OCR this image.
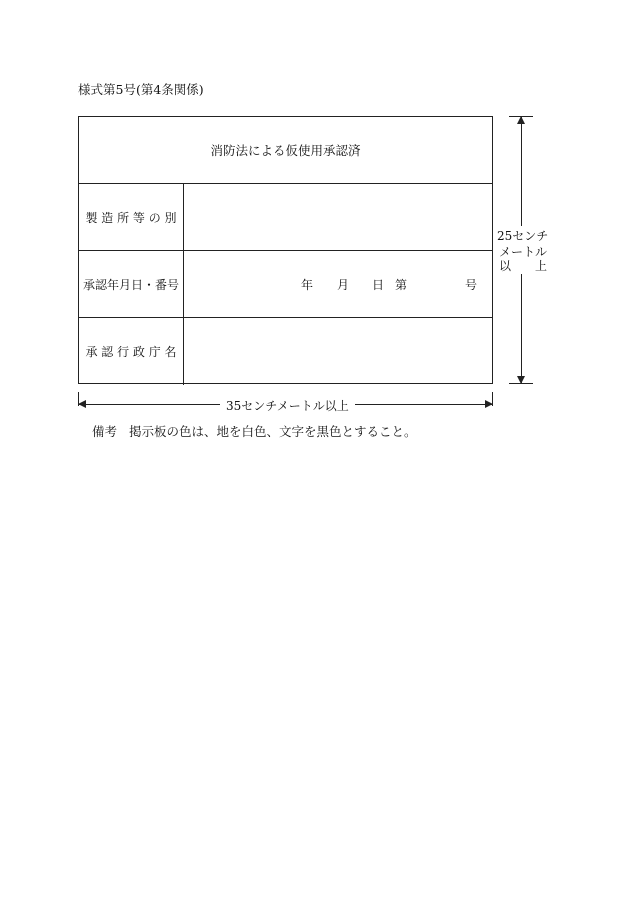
様式第5号(第4条関係)
消防法による仮使用承認済
製 造 所 等 の 別
承認年月日・番号	年 月 日 第	号
承 認 行 政 庁 名
25センチ
メートル
以　　上
35センチメートル以上
備考 掲示板の色は、地を白色、文字を黒色とすること。
